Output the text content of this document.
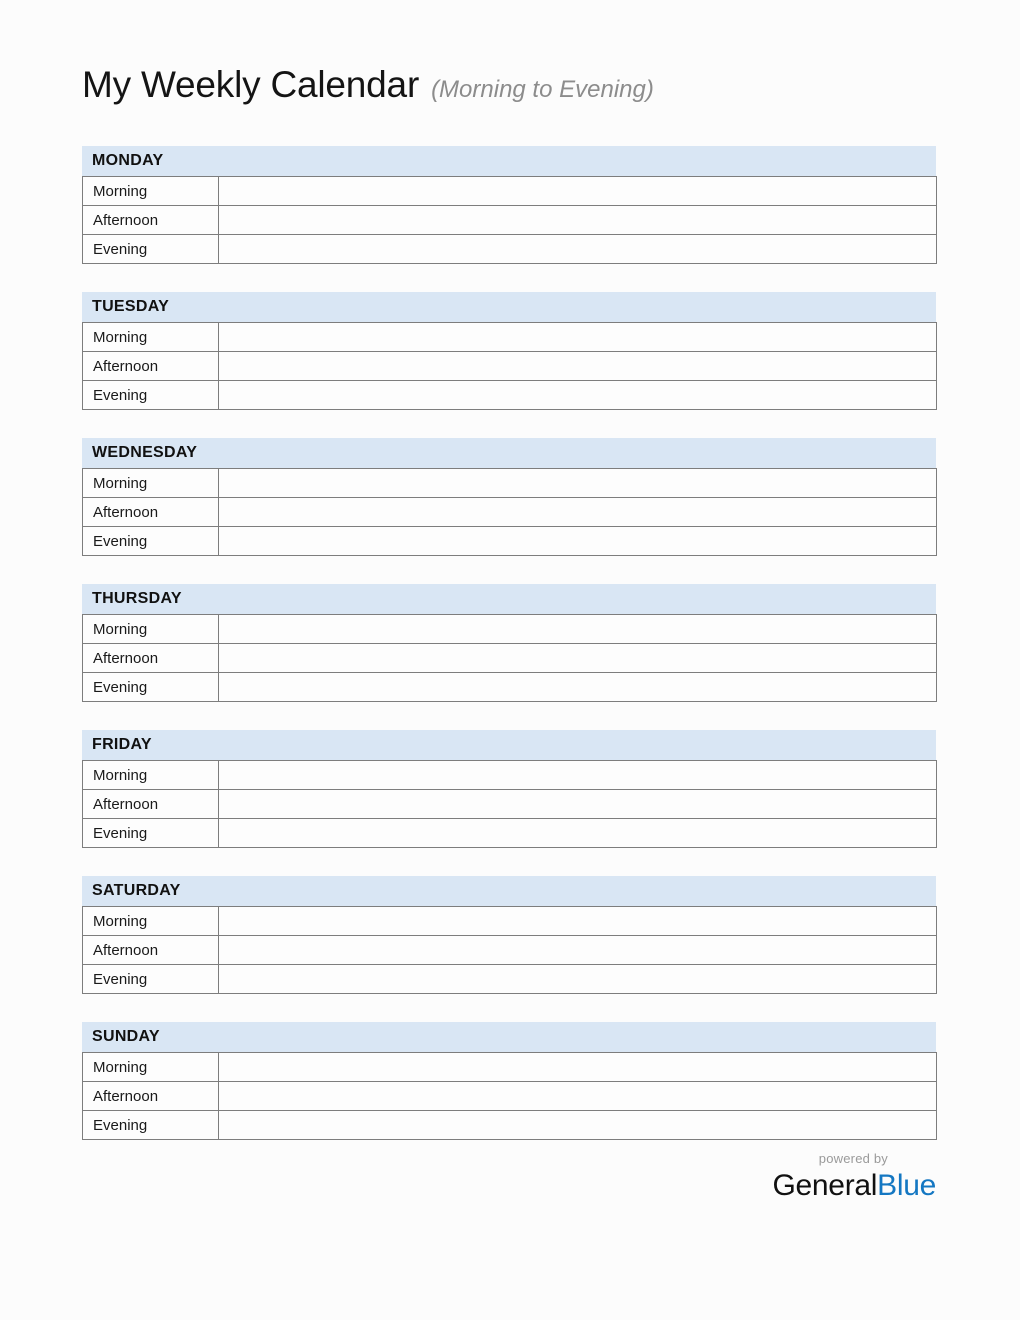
My Weekly Calendar (Morning to Evening)
MONDAY
Morning	
Afternoon	
Evening	
TUESDAY
Morning	
Afternoon	
Evening	
WEDNESDAY
Morning	
Afternoon	
Evening	
THURSDAY
Morning	
Afternoon	
Evening	
FRIDAY
Morning	
Afternoon	
Evening	
SATURDAY
Morning	
Afternoon	
Evening	
SUNDAY
Morning	
Afternoon	
Evening	
powered by
GeneralBlue
